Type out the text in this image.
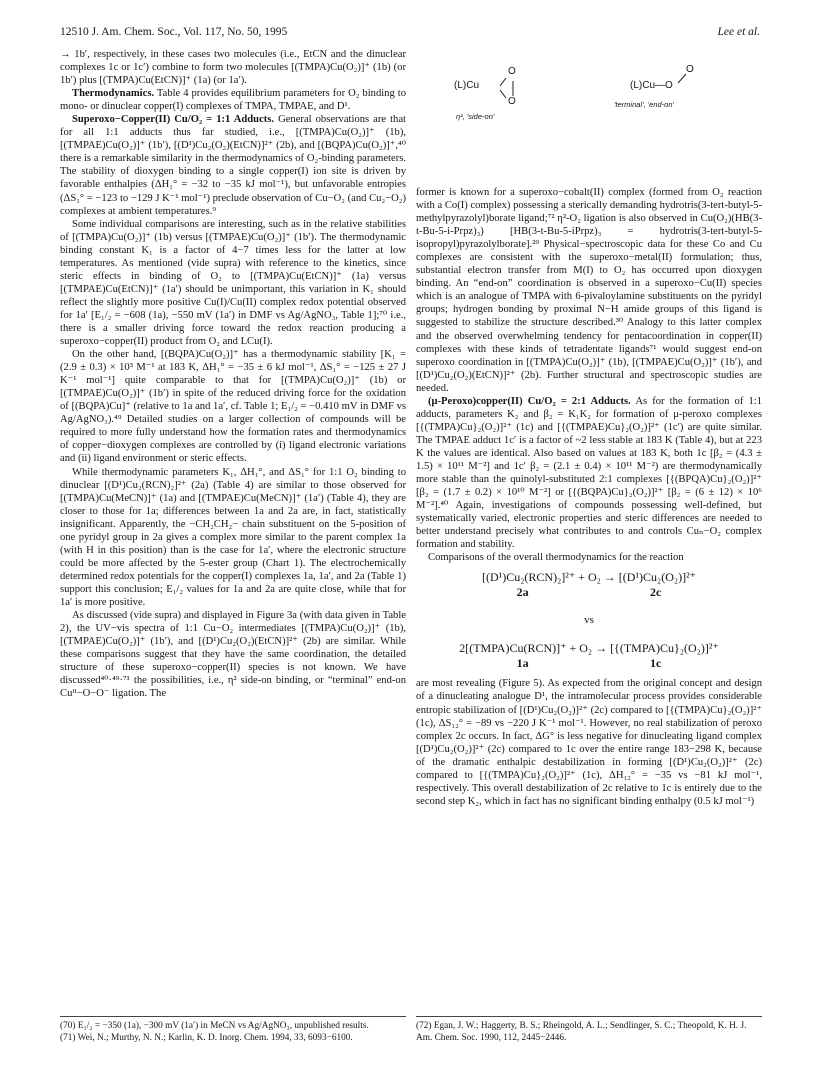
12510 J. Am. Chem. Soc., Vol. 117, No. 50, 1995	Lee et al.

→ 1b′, respectively, in these cases two molecules (i.e., EtCN and the dinuclear complexes 1c or 1c′) combine to form two molecules [(TMPA)Cu(O₂)]⁺ (1b) (or 1b′) plus [(TMPA)Cu(EtCN)]⁺ (1a) (or 1a′).

Thermodynamics. Table 4 provides equilibrium parameters for O₂ binding to mono- or dinuclear copper(I) complexes of TMPA, TMPAE, and D¹.

Superoxo−Copper(II) Cu/O₂ = 1:1 Adducts. General observations are that for all 1:1 adducts thus far studied, i.e., [(TMPA)Cu(O₂)]⁺ (1b), [(TMPAE)Cu(O₂)]⁺ (1b′), [(D¹)Cu₂(O₂)(EtCN)]²⁺ (2b), and [(BQPA)Cu(O₂)]⁺,⁴⁰ there is a remarkable similarity in the thermodynamics of O₂-binding parameters. The stability of dioxygen binding to a single copper(I) ion site is driven by favorable enthalpies (ΔH₁° = −32 to −35 kJ mol⁻¹), but unfavorable entropies (ΔS₁° = −123 to −129 J K⁻¹ mol⁻¹) preclude observation of Cu−O₂ (and Cu₂−O₂) complexes at ambient temperatures.⁹

Some individual comparisons are interesting, such as in the relative stabilities of [(TMPA)Cu(O₂)]⁺ (1b) versus [(TMPAE)Cu(O₂)]⁺ (1b′). The thermodynamic binding constant K₁ is a factor of 4−7 times less for the latter at low temperatures. As mentioned (vide supra) with reference to the kinetics, since steric effects in binding of O₂ to [(TMPA)Cu(EtCN)]⁺ (1a) versus [(TMPAE)Cu(EtCN)]⁺ (1a′) should be unimportant, this variation in K₁ should reflect the slightly more positive Cu(I)/Cu(II) complex redox potential observed for 1a′ [E₁/₂ = −608 (1a), −550 mV (1a′) in DMF vs Ag/AgNO₃, Table 1];⁷⁰ i.e., there is a smaller driving force toward the redox reaction producing a superoxo−copper(II) product from O₂ and LCu(I).

On the other hand, [(BQPA)Cu(O₂)]⁺ has a thermodynamic stability [K₁ = (2.9 ± 0.3) × 10³ M⁻¹ at 183 K, ΔH₁° = −35 ± 6 kJ mol⁻¹, ΔS₁° = −125 ± 27 J K⁻¹ mol⁻¹] quite comparable to that for [(TMPA)Cu(O₂)]⁺ (1b) or [(TMPAE)Cu(O₂)]⁺ (1b′) in spite of the reduced driving force for the oxidation of [(BQPA)Cu]⁺ (relative to 1a and 1a′, cf. Table 1; E₁/₂ = −0.410 mV in DMF vs Ag/AgNO₃).⁴⁹ Detailed studies on a larger collection of compounds will be required to more fully understand how the formation rates and thermodynamics of copper−dioxygen complexes are controlled by (i) ligand electronic variations and (ii) ligand environment or steric effects.

While thermodynamic parameters K₁, ΔH₁°, and ΔS₁° for 1:1 O₂ binding to dinuclear [(D¹)Cu₂(RCN)₂]²⁺ (2a) (Table 4) are similar to those observed for [(TMPA)Cu(MeCN)]⁺ (1a) and [(TMPAE)Cu(MeCN)]⁺ (1a′) (Table 4), they are closer to those for 1a; differences between 1a and 2a are, in fact, statistically insignificant. Apparently, the −CH₂CH₂− chain substituent on the 5-position of one pyridyl group in 2a gives a complex more similar to the parent complex 1a (with H in this position) than is the case for 1a′, where the electronic structure could be more affected by the 5-ester group (Chart 1). The electrochemically determined redox potentials for the copper(I) complexes 1a, 1a′, and 2a (Table 1) support this conclusion; E₁/₂ values for 1a and 2a are quite close, while that for 1a′ is more positive.

As discussed (vide supra) and displayed in Figure 3a (with data given in Table 2), the UV−vis spectra of 1:1 Cu−O₂ intermediates [(TMPA)Cu(O₂)]⁺ (1b), [(TMPAE)Cu(O₂)]⁺ (1b′), and [(D¹)Cu₂(O₂)(EtCN)]²⁺ (2b) are similar. While these comparisons suggest that they have the same coordination, the detailed structure of these superoxo−copper(II) species is not known. We have discussed⁴⁰·⁴⁹·⁷¹ the possibilities, i.e., η² side-on binding, or “terminal” end-on Cuᴵᴵ−O−O⁻ ligation. The

(L)Cu
O
O
η², 'side-on'
(L)Cu—O
O
'terminal', 'end-on'

former is known for a superoxo−cobalt(II) complex (formed from O₂ reaction with a Co(I) complex) possessing a sterically demanding hydrotris(3-tert-butyl-5-methylpyrazolyl)borate ligand;⁷² η²-O₂ ligation is also observed in Cu(O₂)(HB(3-t-Bu-5-i-Prpz)₃) [HB(3-t-Bu-5-iPrpz)₃ = hydrotris(3-tert-butyl-5-isopropyl)pyrazolylborate].²⁹ Physical−spectroscopic data for these Co and Cu complexes are consistent with the superoxo−metal(II) formulation; thus, substantial electron transfer from M(I) to O₂ has occurred upon dioxygen binding. An “end-on” coordination is observed in a superoxo−Cu(II) species which is an analogue of TMPA with 6-pivaloylamine substituents on the pyridyl groups; hydrogen bonding by proximal N−H amide groups of this ligand is suggested to stabilize the structure described.³⁰ Analogy to this latter complex and the observed overwhelming tendency for pentacoordination in copper(II) complexes with these kinds of tetradentate ligands⁷¹ would suggest end-on superoxo coordination in [(TMPA)Cu(O₂)]⁺ (1b), [(TMPAE)Cu(O₂)]⁺ (1b′), and [(D¹)Cu₂(O₂)(EtCN)]²⁺ (2b). Further structural and spectroscopic studies are needed.

(μ-Peroxo)copper(II) Cu/O₂ = 2:1 Adducts. As for the formation of 1:1 adducts, parameters K₂ and β₂ = K₁K₂ for formation of μ-peroxo complexes [{(TMPA)Cu}₂(O₂)]²⁺ (1c) and [{(TMPAE)Cu}₂(O₂)]²⁺ (1c′) are quite similar. The TMPAE adduct 1c′ is a factor of ~2 less stable at 183 K (Table 4), but at 223 K the values are identical. Also based on values at 183 K, both 1c [β₂ = (4.3 ± 1.5) × 10¹¹ M⁻²] and 1c′ β₂ = (2.1 ± 0.4) × 10¹¹ M⁻²) are thermodynamically more stable than the quinolyl-substituted 2:1 complexes [{(BPQA)Cu}₂(O₂)]²⁺ [β₂ = (1.7 ± 0.2) × 10¹⁰ M⁻²] or [{(BQPA)Cu}₂(O₂)]²⁺ [β₂ = (6 ± 12) × 10⁶ M⁻²].⁴⁰ Again, investigations of compounds possessing well-defined, but systematically varied, electronic properties and steric differences are needed to better understand precisely what contributes to and controls Cuₙ−O₂ complex formation and stability.

Comparisons of the overall thermodynamics for the reaction

[(D¹)Cu₂(RCN)₂]²⁺ + O₂ → [(D¹)Cu₂(O₂)]²⁺
2a	2c
vs
2[(TMPA)Cu(RCN)]⁺ + O₂ → [{(TMPA)Cu}₂(O₂)]²⁺
1a	1c

are most revealing (Figure 5). As expected from the original concept and design of a dinucleating analogue D¹, the intramolecular process provides considerable entropic stabilization of [(D¹)Cu₂(O₂)]²⁺ (2c) compared to [{(TMPA)Cu}₂(O₂)]²⁺ (1c), ΔS₁₂° = −89 vs −220 J K⁻¹ mol⁻¹. However, no real stabilization of peroxo complex 2c occurs. In fact, ΔG° is less negative for dinucleating ligand complex [(D¹)Cu₂(O₂)]²⁺ (2c) compared to 1c over the entire range 183−298 K, because of the dramatic enthalpic destabilization in forming [(D¹)Cu₂(O₂)]²⁺ (2c) compared to [{(TMPA)Cu}₂(O₂)]²⁺ (1c), ΔH₁₂° = −35 vs −81 kJ mol⁻¹, respectively. This overall destabilization of 2c relative to 1c is entirely due to the second step K₂, which in fact has no significant binding enthalpy (0.5 kJ mol⁻¹)

(70) E₁/₂ = −350 (1a), −300 mV (1a′) in MeCN vs Ag/AgNO₃, unpublished results.

(71) Wei, N.; Murthy, N. N.; Karlin, K. D. Inorg. Chem. 1994, 33, 6093−6100.

(72) Egan, J. W.; Haggerty, B. S.; Rheingold, A. L.; Sendlinger, S. C.; Theopold, K. H. J. Am. Chem. Soc. 1990, 112, 2445−2446.
